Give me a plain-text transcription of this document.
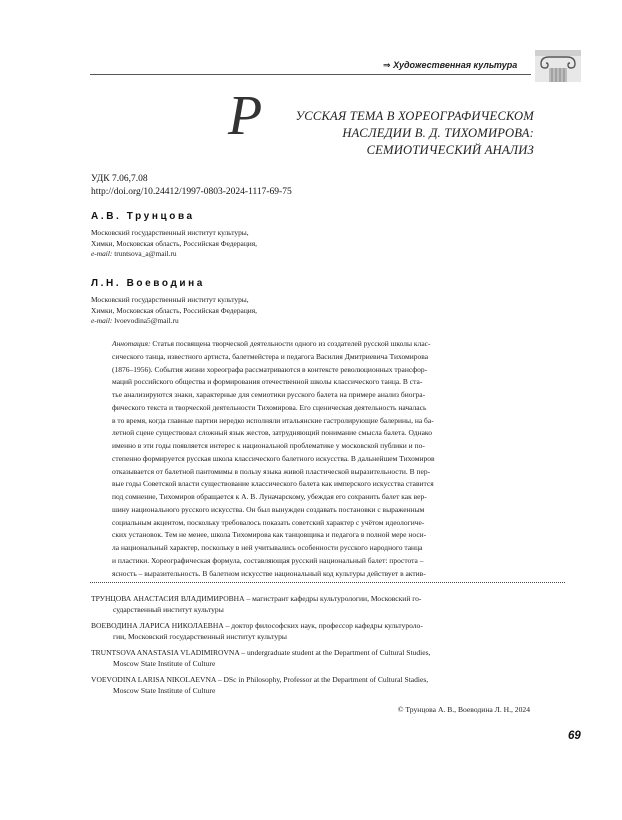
⇒ Художественная культура
Р	УССКАЯ ТЕМА В ХОРЕОГРАФИЧЕСКОМ
НАСЛЕДИИ В. Д. ТИХОМИРОВА:
СЕМИОТИЧЕСКИЙ АНАЛИЗ
УДК 7.06,7.08
http://doi.org/10.24412/1997-0803-2024-1117-69-75
А.В. Трунцова
Московский государственный институт культуры,
Химки, Московская область, Российская Федерация,
e-mail: truntsova_a@mail.ru
Л.Н. Воеводина
Московский государственный институт культуры,
Химки, Московская область, Российская Федерация,
e-mail: lvoevodina5@mail.ru

Аннотация: Статья посвящена творческой деятельности одного из создателей русской школы клас-

сического танца, известного артиста, балетмейстера и педагога Василия Дмитриевича Тихомирова

(1876–1956). События жизни хореографа рассматриваются в контексте революционных трансфор-

маций российского общества и формирования отечественной школы классического танца. В ста-

тье анализируются знаки, характерные для семиотики русского балета на примере анализ биогра-

фического текста и творческой деятельности Тихомирова. Его сценическая деятельность началась

в то время, когда главные партии нередко исполняли итальянские гастролирующие балерины, на ба-

летной сцене существовал сложный язык жестов, затрудняющий понимание смысла балета. Однако

именно в эти годы появляется интерес к национальной проблематике у московской публики и по-

степенно формируется русская школа классического балетного искусства. В дальнейшем Тихомиров

отказывается от балетной пантомимы в пользу языка живой пластической выразительности. В пер-

вые годы Советской власти существование классического балета как имперского искусства ставится

под сомнение, Тихомиров обращается к А. В. Луначарскому, убеждая его сохранить балет как вер-

шину национального русского искусства. Он был вынужден создавать постановки с выраженным

социальным акцентом, поскольку требовалось показать советский характер с учётом идеологиче-

ских установок. Тем не менее, школа Тихомирова как танцовщика и педагога в полной мере носи-

ла национальный характер, поскольку в ней учитывались особенности русского народного танца

и пластики. Хореографическая формула, составляющая русский национальный балет: простота –

ясность – выразительность. В балетном искусстве национальный код культуры действует в актив-

ТРУНЦОВА АНАСТАСИЯ ВЛАДИМИРОВНА – магистрант кафедры культурологии, Московский го-
сударственный институт культуры
ВОЕВОДИНА ЛАРИСА НИКОЛАЕВНА – доктор философских наук, профессор кафедры культуроло-
гии, Московский государственный институт культуры
TRUNTSOVA ANASTASIA VLADIMIROVNA – undergraduate student at the Department of Cultural Studies,
Moscow State Institute of Culture
VOEVODINA LARISA NIKOLAEVNA – DSc in Philosophy, Professor at the Department of Cultural Stadies,
Moscow State Institute of Culture
© Трунцова А. В., Воеводина Л. Н., 2024
69
